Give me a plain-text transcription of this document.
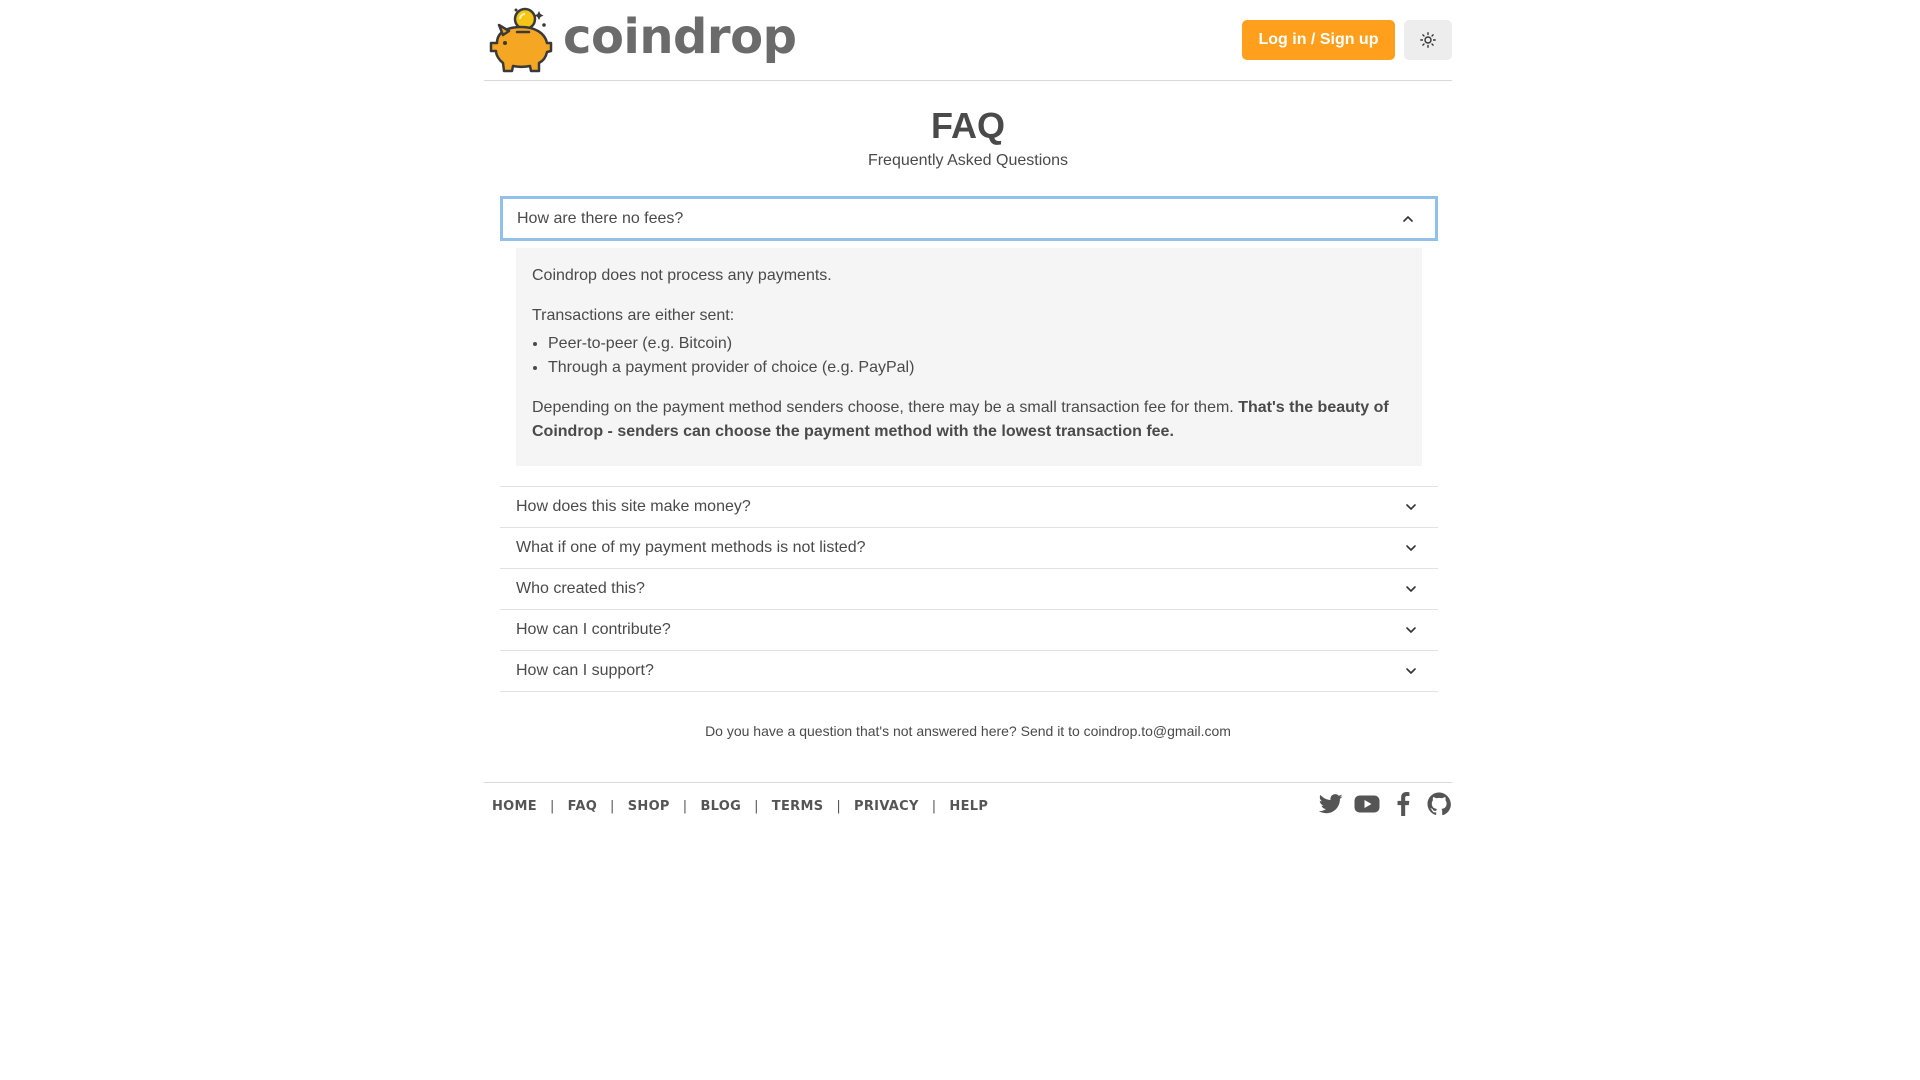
coindrop	Log in / Sign up
FAQ
Frequently Asked Questions
How are there no fees?

Coindrop does not process any payments.

Transactions are either sent:

• Peer-to-peer (e.g. Bitcoin)
• Through a payment provider of choice (e.g. PayPal)

Depending on the payment method senders choose, there may be a small transaction fee for them. That's the beauty of Coindrop - senders can choose the payment method with the lowest transaction fee.

How does this site make money?
What if one of my payment methods is not listed?
Who created this?
How can I contribute?
How can I support?
Do you have a question that's not answered here? Send it to coindrop.to@gmail.com
HOME | FAQ | SHOP | BLOG | TERMS | PRIVACY | HELP
